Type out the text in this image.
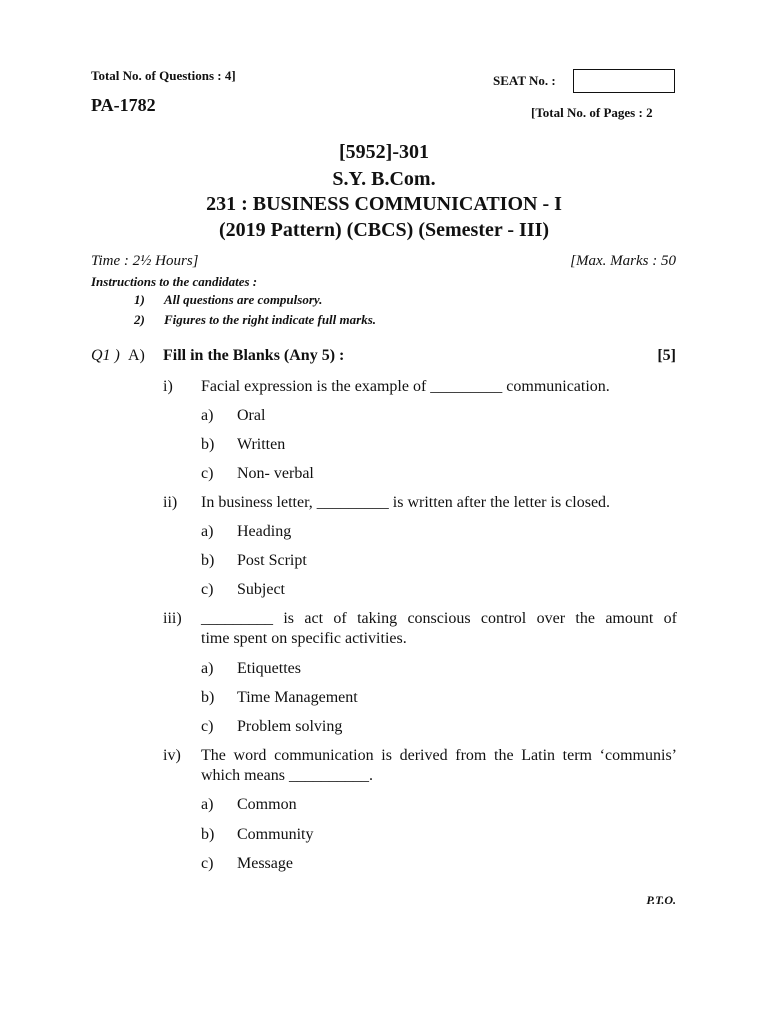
Total No. of Questions : 4]	SEAT No. :
PA-1782	[Total No. of Pages : 2
[5952]-301
S.Y. B.Com.
231 : BUSINESS COMMUNICATION - I
(2019 Pattern) (CBCS) (Semester - III)
Time : 2½ Hours]	[Max. Marks : 50
Instructions to the candidates :
1) All questions are compulsory.
2) Figures to the right indicate full marks.
Q1 ) A) Fill in the Blanks (Any 5) :	[5]
i) Facial expression is the example of _________ communication.
a) Oral
b) Written
c) Non- verbal
ii) In business letter, _________ is written after the letter is closed.
a) Heading
b) Post Script
c) Subject
iii) _________ is act of taking conscious control over the amount of
time spent on specific activities.
a) Etiquettes
b) Time Management
c) Problem solving
iv) The word communication is derived from the Latin term ‘communis’
which means __________.
a) Common
b) Community
c) Message
P.T.O.
